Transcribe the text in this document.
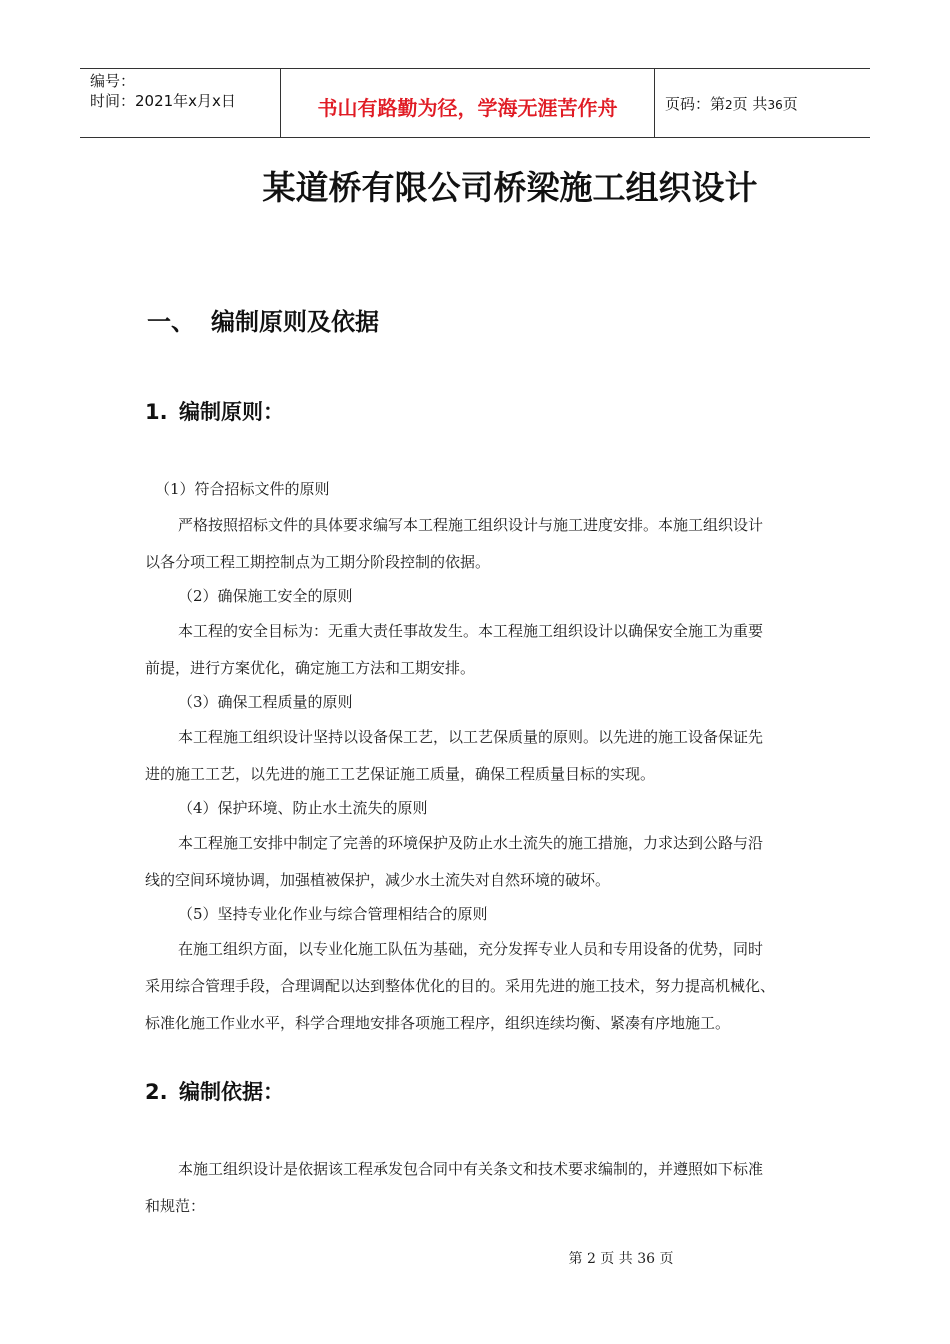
编号：
时间：2021年x月x日	书山有路勤为径，学海无涯苦作舟	页码：第2页 共36页
某道桥有限公司桥梁施工组织设计
一、 编制原则及依据
1. 编制原则：
（1）符合招标文件的原则
严格按照招标文件的具体要求编写本工程施工组织设计与施工进度安排。本施工组织设计
以各分项工程工期控制点为工期分阶段控制的依据。
（2）确保施工安全的原则
本工程的安全目标为：无重大责任事故发生。本工程施工组织设计以确保安全施工为重要
前提，进行方案优化，确定施工方法和工期安排。
（3）确保工程质量的原则
本工程施工组织设计坚持以设备保工艺，以工艺保质量的原则。以先进的施工设备保证先
进的施工工艺，以先进的施工工艺保证施工质量，确保工程质量目标的实现。
（4）保护环境、防止水土流失的原则
本工程施工安排中制定了完善的环境保护及防止水土流失的施工措施，力求达到公路与沿
线的空间环境协调，加强植被保护，减少水土流失对自然环境的破坏。
（5）坚持专业化作业与综合管理相结合的原则
在施工组织方面，以专业化施工队伍为基础，充分发挥专业人员和专用设备的优势，同时
采用综合管理手段，合理调配以达到整体优化的目的。采用先进的施工技术，努力提高机械化、
标准化施工作业水平，科学合理地安排各项施工程序，组织连续均衡、紧凑有序地施工。
2. 编制依据：
本施工组织设计是依据该工程承发包合同中有关条文和技术要求编制的，并遵照如下标准
和规范：
第 2 页 共 36 页
